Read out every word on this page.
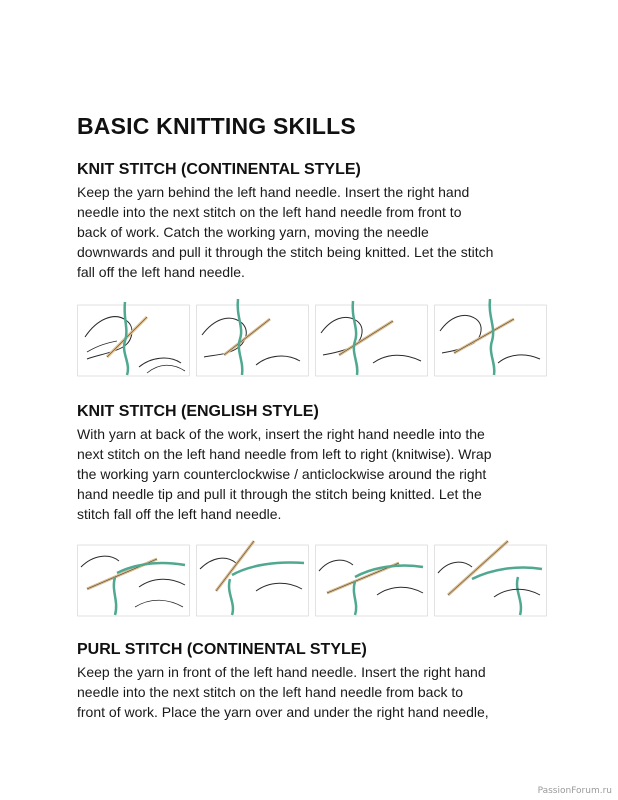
BASIC KNITTING SKILLS
KNIT STITCH (CONTINENTAL STYLE)

Keep the yarn behind the left hand needle. Insert the right hand
needle into the next stitch on the left hand needle from front to
back of work. Catch the working yarn, moving the needle
downwards and pull it through the stitch being knitted. Let the stitch
fall off the left hand needle.

KNIT STITCH (ENGLISH STYLE)

With yarn at back of the work, insert the right hand needle into the
next stitch on the left hand needle from left to right (knitwise). Wrap
the working yarn counterclockwise / anticlockwise around the right
hand needle tip and pull it through the stitch being knitted. Let the
stitch fall off the left hand needle.

PURL STITCH (CONTINENTAL STYLE)

Keep the yarn in front of the left hand needle. Insert the right hand
needle into the next stitch on the left hand needle from back to
front of work. Place the yarn over and under the right hand needle,

PassionForum.ru
